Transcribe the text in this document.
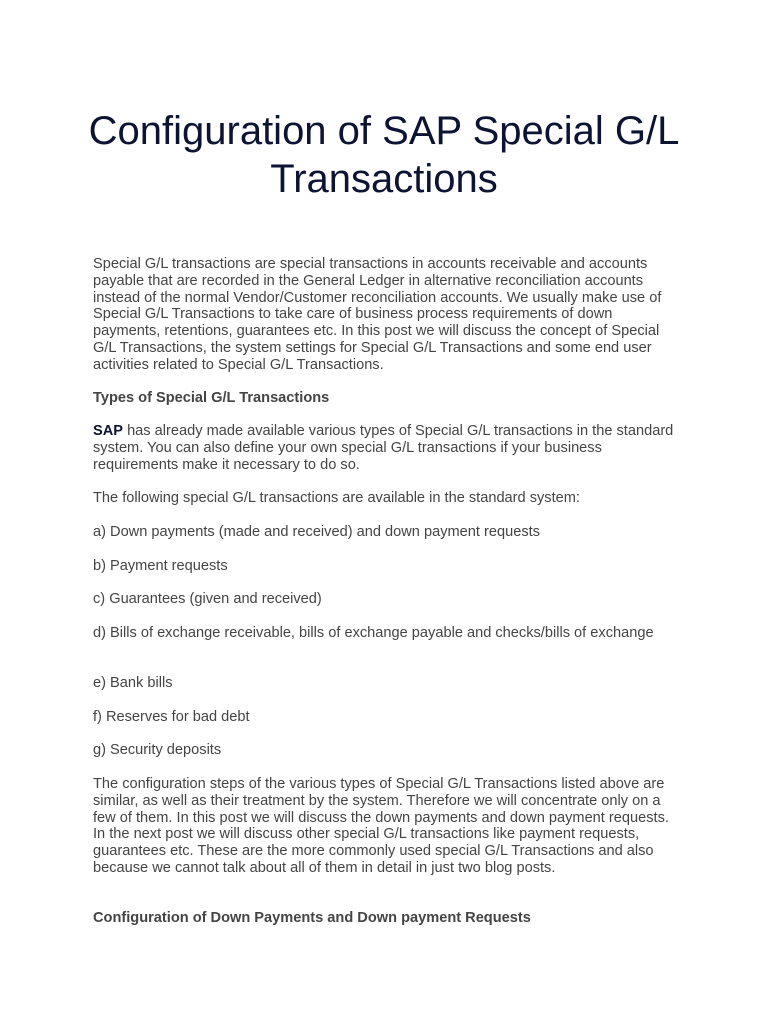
Configuration of SAP Special G/L Transactions

Special G/L transactions are special transactions in accounts receivable and accounts payable that are recorded in the General Ledger in alternative reconciliation accounts instead of the normal Vendor/Customer reconciliation accounts. We usually make use of Special G/L Transactions to take care of business process requirements of down payments, retentions, guarantees etc. In this post we will discuss the concept of Special G/L Transactions, the system settings for Special G/L Transactions and some end user activities related to Special G/L Transactions.

Types of Special G/L Transactions

SAP has already made available various types of Special G/L transactions in the standard system. You can also define your own special G/L transactions if your business requirements make it necessary to do so.

The following special G/L transactions are available in the standard system:

a) Down payments (made and received) and down payment requests

b) Payment requests

c) Guarantees (given and received)

d) Bills of exchange receivable, bills of exchange payable and checks/bills of exchange

e) Bank bills

f) Reserves for bad debt

g) Security deposits

The configuration steps of the various types of Special G/L Transactions listed above are similar, as well as their treatment by the system. Therefore we will concentrate only on a few of them. In this post we will discuss the down payments and down payment requests. In the next post we will discuss other special G/L transactions like payment requests, guarantees etc. These are the more commonly used special G/L Transactions and also because we cannot talk about all of them in detail in just two blog posts.

Configuration of Down Payments and Down payment Requests
